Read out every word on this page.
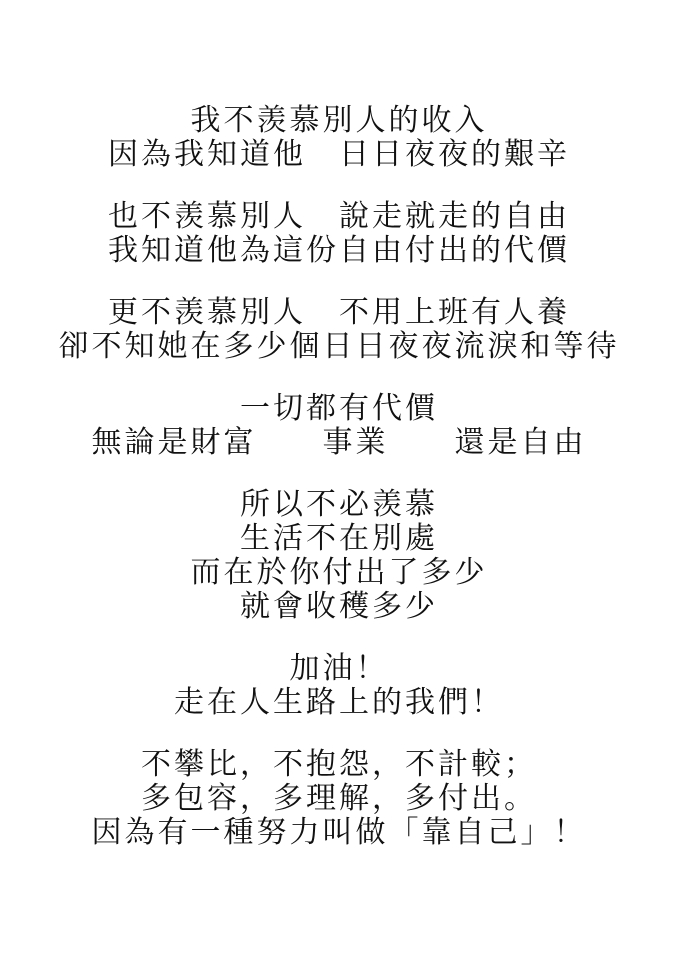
我不羡慕別人的收入
因為我知道他　日日夜夜的艱辛
也不羡慕別人　說走就走的自由
我知道他為這份自由付出的代價
更不羡慕別人　不用上班有人養
卻不知她在多少個日日夜夜流淚和等待
一切都有代價
無論是財富　　事業　　還是自由
所以不必羡慕
生活不在別處
而在於你付出了多少
就會收穫多少
加油！
走在人生路上的我們！
不攀比，不抱怨，不計較；
多包容，多理解，多付出。
因為有一種努力叫做「靠自己」！
